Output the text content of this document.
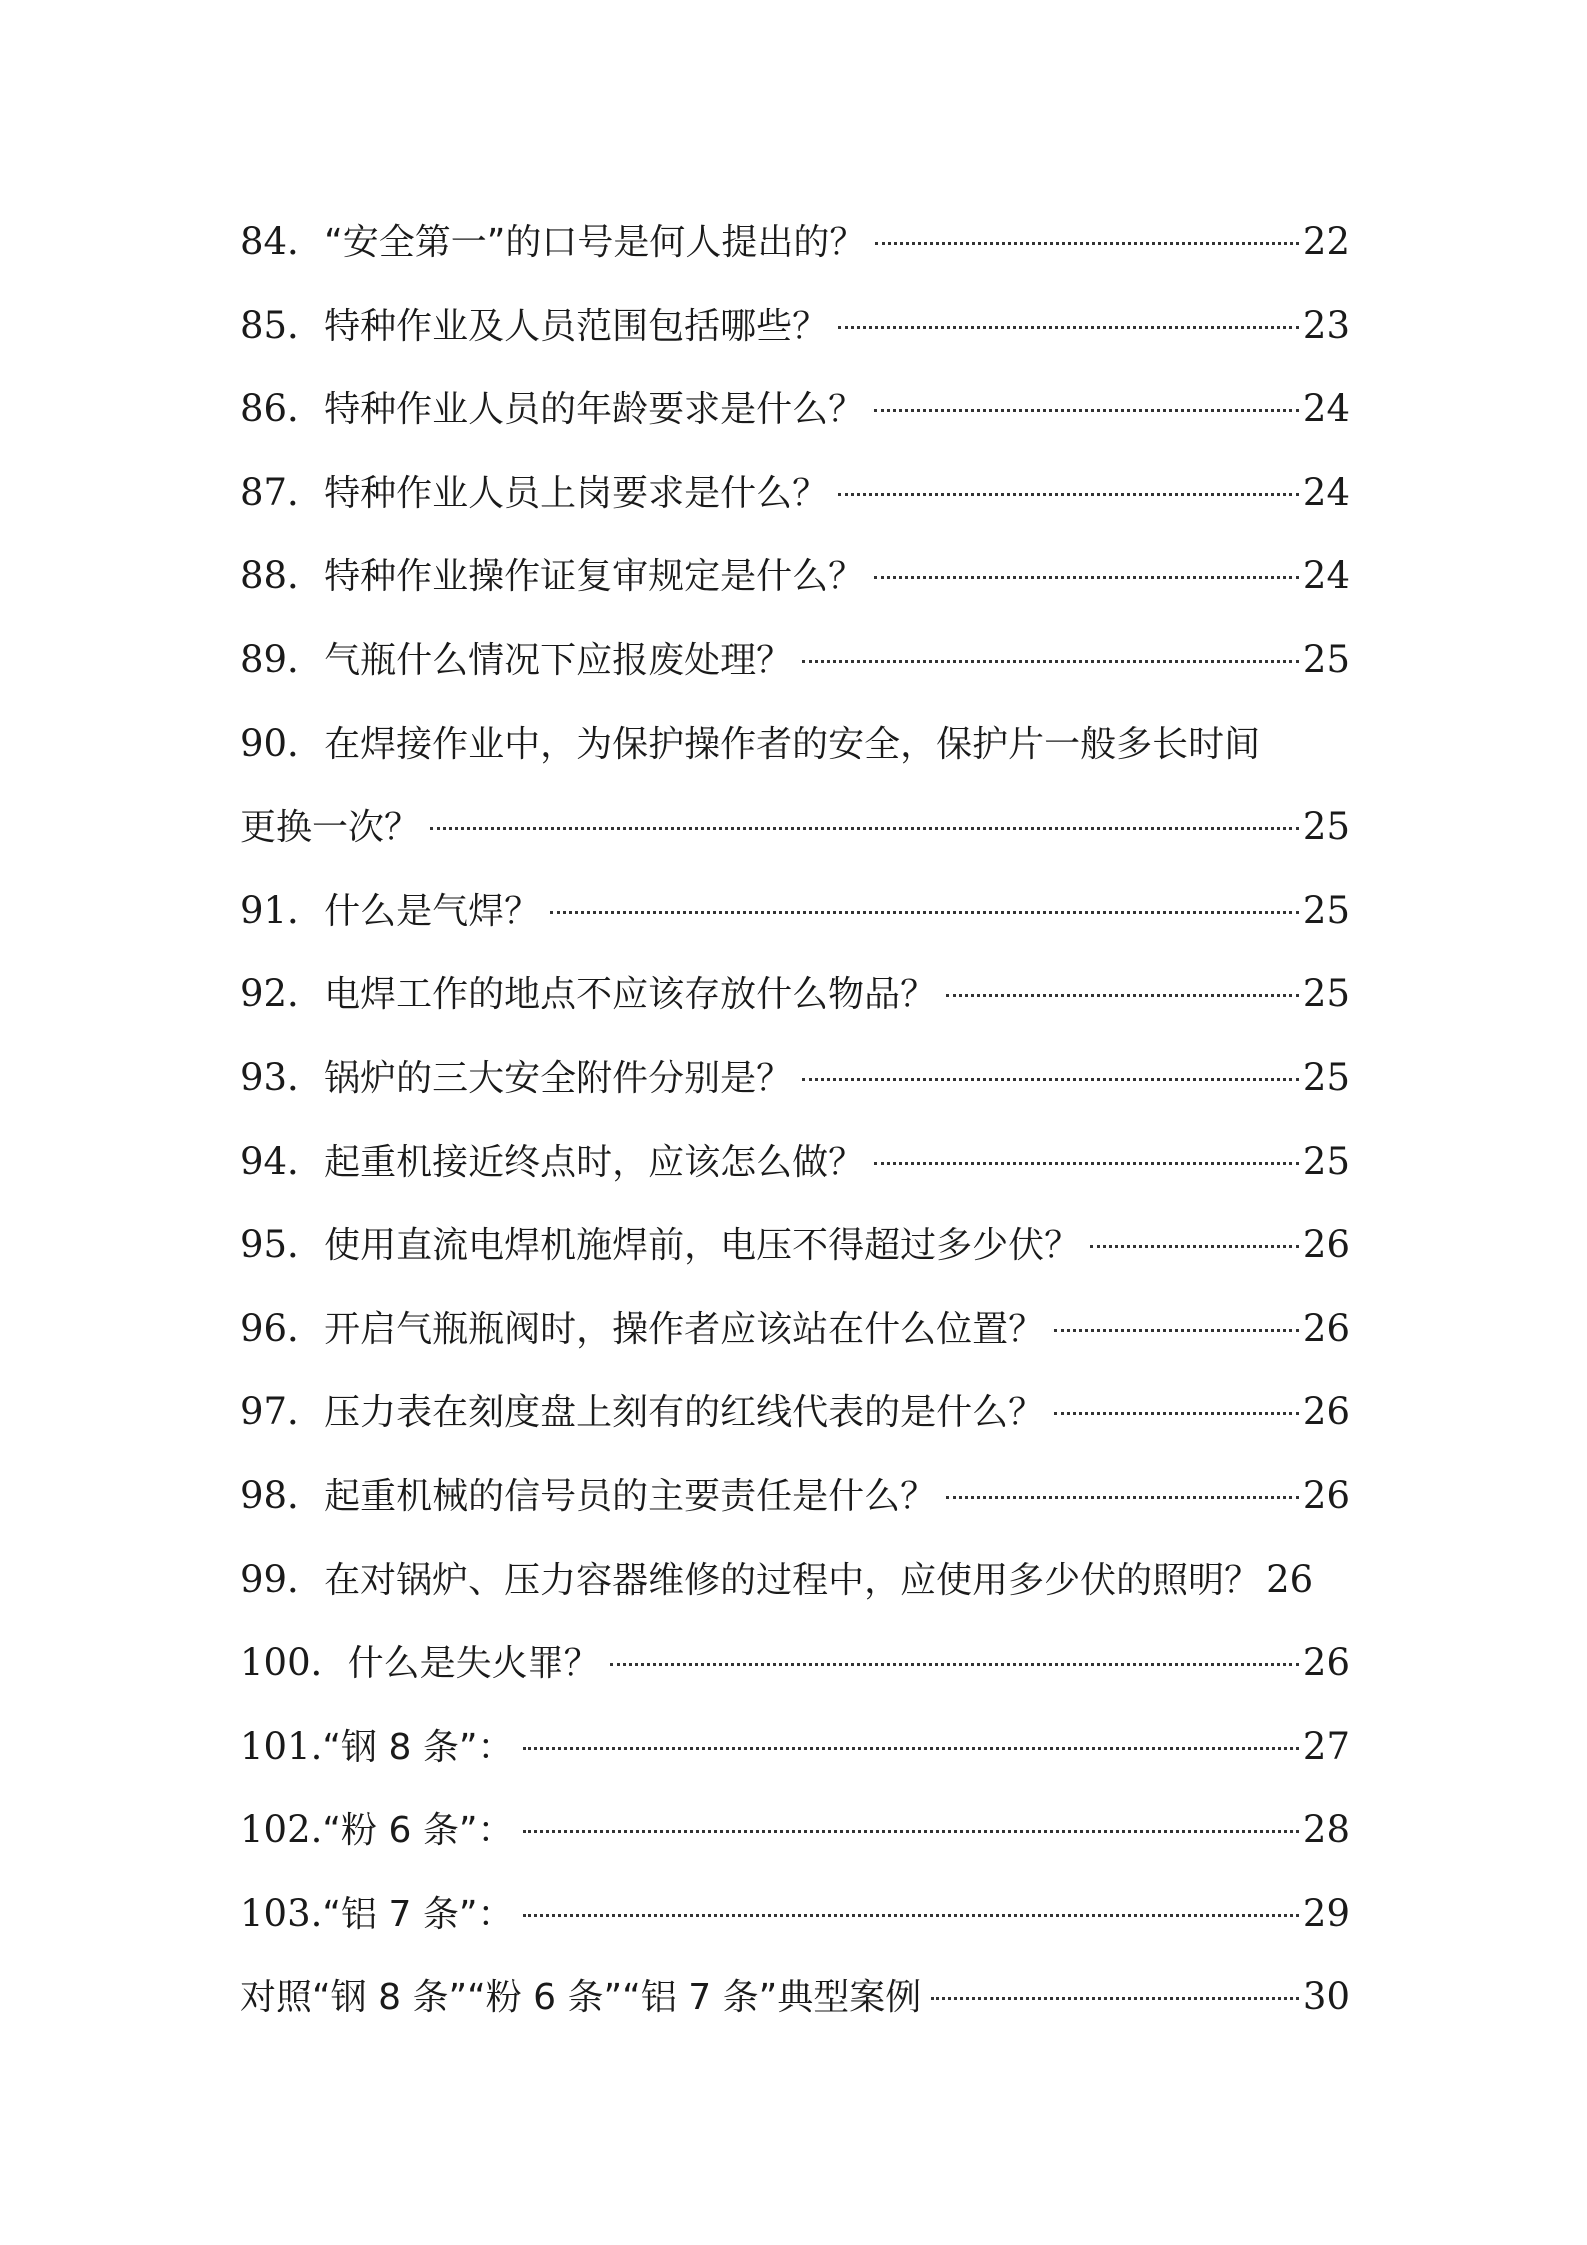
84． “安全第一”的口号是何人提出的？	22
85． 特种作业及人员范围包括哪些？	23
86． 特种作业人员的年龄要求是什么？	24
87． 特种作业人员上岗要求是什么？	24
88． 特种作业操作证复审规定是什么？	24
89． 气瓶什么情况下应报废处理？	25
90． 在焊接作业中，为保护操作者的安全，保护片一般多长时间
更换一次？	25
91． 什么是气焊？	25
92． 电焊工作的地点不应该存放什么物品？	25
93． 锅炉的三大安全附件分别是？	25
94． 起重机接近终点时，应该怎么做？	25
95． 使用直流电焊机施焊前，电压不得超过多少伏？	26
96． 开启气瓶瓶阀时，操作者应该站在什么位置？	26
97． 压力表在刻度盘上刻有的红线代表的是什么？	26
98． 起重机械的信号员的主要责任是什么？	26
99． 在对锅炉、压力容器维修的过程中，应使用多少伏的照明？ 26
100． 什么是失火罪？	26
101. “钢 8 条”：	27
102. “粉 6 条”：	28
103. “铝 7 条”：	29
对照“钢 8 条”“粉 6 条”“铝 7 条”典型案例	30
